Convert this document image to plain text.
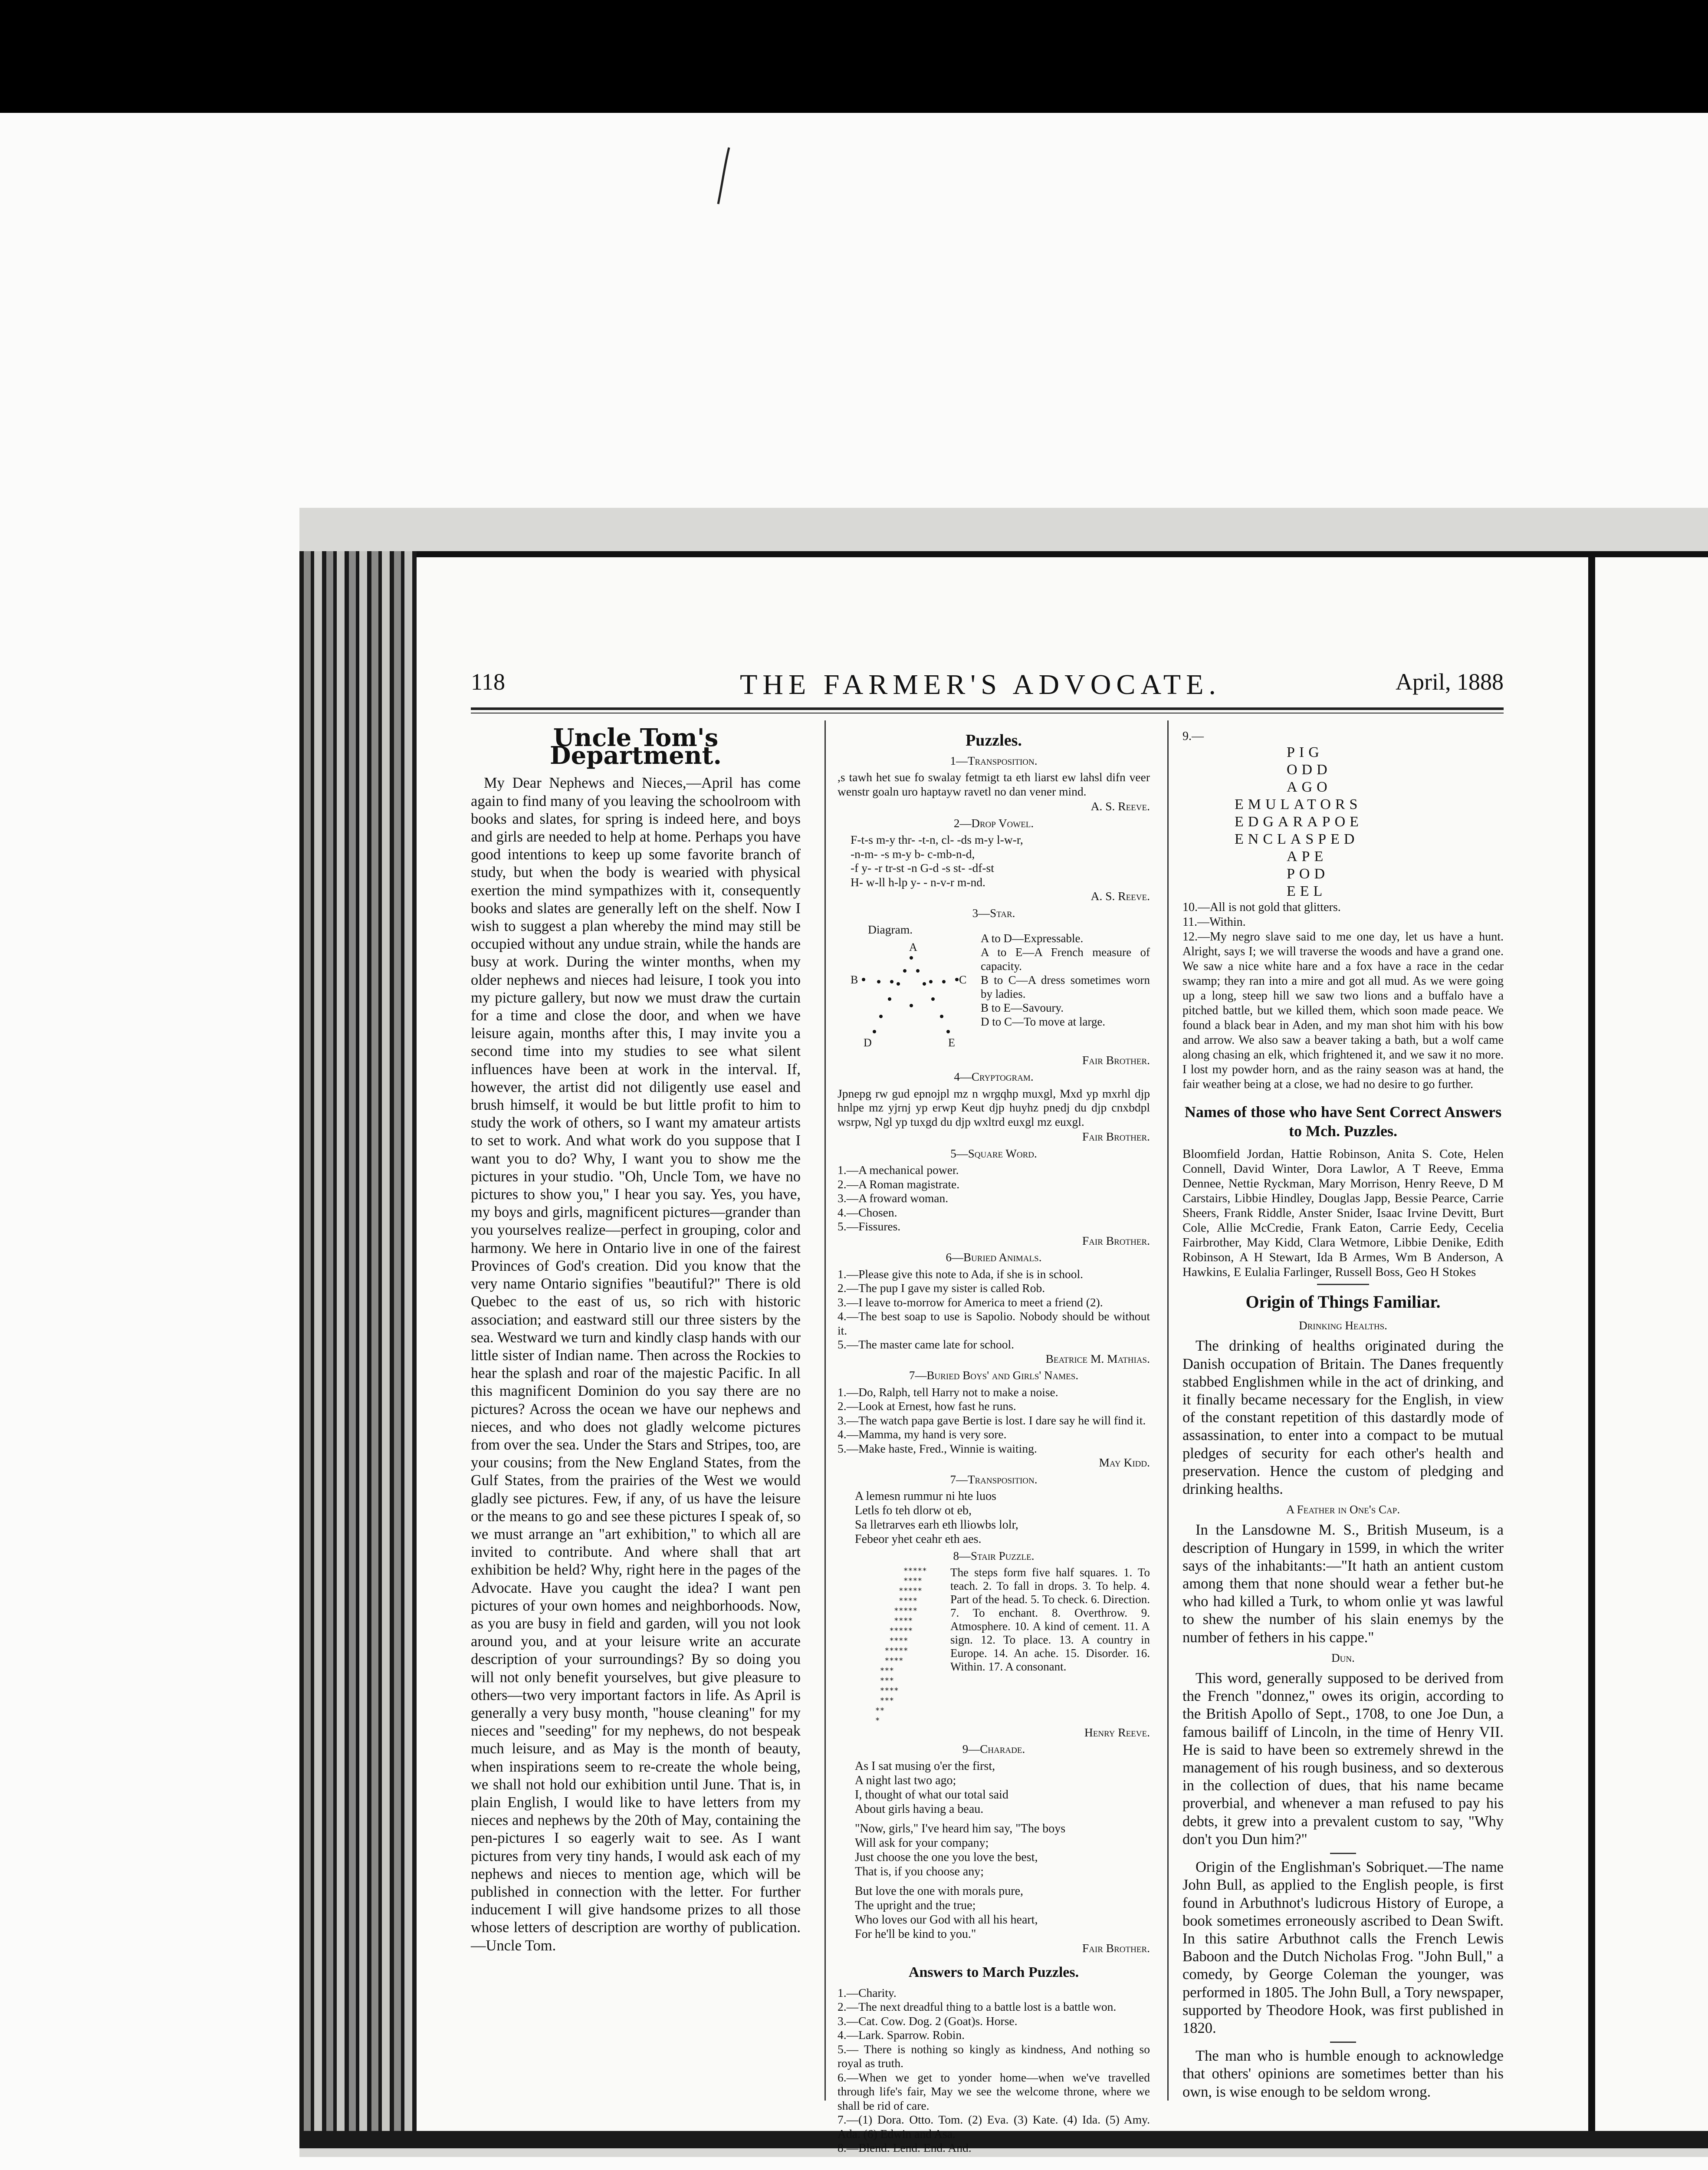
118	THE FARMER'S ADVOCATE.	April, 1888
Uncle Tom's Department.

My Dear Nephews and Nieces,—April has come again to find many of you leaving the schoolroom with books and slates, for spring is indeed here, and boys and girls are needed to help at home. Perhaps you have good intentions to keep up some favorite branch of study, but when the body is wearied with physical exertion the mind sympathizes with it, consequently books and slates are generally left on the shelf. Now I wish to suggest a plan whereby the mind may still be occupied without any undue strain, while the hands are busy at work. During the winter months, when my older nephews and nieces had leisure, I took you into my picture gallery, but now we must draw the curtain for a time and close the door, and when we have leisure again, months after this, I may invite you a second time into my studies to see what silent influences have been at work in the interval. If, however, the artist did not diligently use easel and brush himself, it would be but little profit to him to study the work of others, so I want my amateur artists to set to work. And what work do you suppose that I want you to do? Why, I want you to show me the pictures in your studio. "Oh, Uncle Tom, we have no pictures to show you," I hear you say. Yes, you have, my boys and girls, magnificent pictures—grander than you yourselves realize—perfect in grouping, color and harmony. We here in Ontario live in one of the fairest Provinces of God's creation. Did you know that the very name Ontario signifies "beautiful?" There is old Quebec to the east of us, so rich with historic association; and eastward still our three sisters by the sea. Westward we turn and kindly clasp hands with our little sister of Indian name. Then across the Rockies to hear the splash and roar of the majestic Pacific. In all this magnificent Dominion do you say there are no pictures? Across the ocean we have our nephews and nieces, and who does not gladly welcome pictures from over the sea. Under the Stars and Stripes, too, are your cousins; from the New England States, from the Gulf States, from the prairies of the West we would gladly see pictures. Few, if any, of us have the leisure or the means to go and see these pictures I speak of, so we must arrange an "art exhibition," to which all are invited to contribute. And where shall that art exhibition be held? Why, right here in the pages of the Advocate. Have you caught the idea? I want pen pictures of your own homes and neighborhoods. Now, as you are busy in field and garden, will you not look around you, and at your leisure write an accurate description of your surroundings? By so doing you will not only benefit yourselves, but give pleasure to others—two very important factors in life. As April is generally a very busy month, "house cleaning" for my nieces and "seeding" for my nephews, do not bespeak much leisure, and as May is the month of beauty, when inspirations seem to re-create the whole being, we shall not hold our exhibition until June. That is, in plain English, I would like to have letters from my nieces and nephews by the 20th of May, containing the pen-pictures I so eagerly wait to see. As I want pictures from very tiny hands, I would ask each of my nephews and nieces to mention age, which will be published in connection with the letter. For further inducement I will give handsome prizes to all those whose letters of description are worthy of publication.—Uncle Tom.

Puzzles.
1—Transposition.

,s tawh het sue fo swalay fetmigt ta eth liarst ew lahsl difn veer wenstr goaln uro haptayw ravetl no dan vener mind.

A. S. Reeve.
2—Drop Vowel.
F-t-s m-y thr- -t-n, cl- -ds m-y l-w-r,
-n-m- -s m-y b- c-mb-n-d,
-f y- -r tr-st -n G-d -s st- -df-st
H- w-ll h-lp y- - n-v-r m-nd.
A. S. Reeve.
3—Star.
Diagram.
A
B	C
D	E
A to D—Expressable.
A to E—A French measure of capacity.
B to C—A dress sometimes worn by ladies.
B to E—Savoury.
D to C—To move at large.
Fair Brother.
4—Cryptogram.

Jpnepg rw gud epnojpl mz n wrgqhp muxgl, Mxd yp mxrhl djp hnlpe mz yjrnj yp erwp Keut djp huyhz pnedj du djp cnxbdpl wsrpw, Ngl yp tuxgd du djp wxltrd euxgl mz euxgl.

Fair Brother.
5—Square Word.
1.—A mechanical power.
2.—A Roman magistrate.
3.—A froward woman.
4.—Chosen.
5.—Fissures.
Fair Brother.
6—Buried Animals.
1.—Please give this note to Ada, if she is in school.
2.—The pup I gave my sister is called Rob.
3.—I leave to-morrow for America to meet a friend (2).
4.—The best soap to use is Sapolio. Nobody should be without it.
5.—The master came late for school.
Beatrice M. Mathias.
7—Buried Boys' and Girls' Names.
1.—Do, Ralph, tell Harry not to make a noise.
2.—Look at Ernest, how fast he runs.
3.—The watch papa gave Bertie is lost. I dare say he will find it.
4.—Mamma, my hand is very sore.
5.—Make haste, Fred., Winnie is waiting.
May Kidd.
7—Transposition.
A lemesn rummur ni hte luos
Letls fo teh dlorw ot eb,
Sa lletrarves earh eth lliowbs lolr,
Febeor yhet ceahr eth aes.
8—Stair Puzzle.
*****
****
*****
****
*****
****
*****
****
*****
****
***
***
****
***
**
*
The steps form five half squares. 1. To teach. 2. To fall in drops. 3. To help. 4. Part of the head. 5. To check. 6. Direction. 7. To enchant. 8. Overthrow. 9. Atmosphere. 10. A kind of cement. 11. A sign. 12. To place. 13. A country in Europe. 14. An ache. 15. Disorder. 16. Within. 17. A consonant.
Henry Reeve.
9—Charade.
As I sat musing o'er the first,
A night last two ago;
I, thought of what our total said
About girls having a beau.
"Now, girls," I've heard him say, "The boys
Will ask for your company;
Just choose the one you love the best,
That is, if you choose any;
But love the one with morals pure,
The upright and the true;
Who loves our God with all his heart,
For he'll be kind to you."
Fair Brother.
Answers to March Puzzles.
1.—Charity.
2.—The next dreadful thing to a battle lost is a battle won.
3.—Cat. Cow. Dog. 2 (Goat)s. Horse.
4.—Lark. Sparrow. Robin.
5.— There is nothing so kingly as kindness, And nothing so royal as truth.
6.—When we get to yonder home—when we've travelled through life's fair, May we see the welcome throne, where we shall be rid of care.
7.—(1) Dora. Otto. Tom. (2) Eva. (3) Kate. (4) Ida. (5) Amy. Ada. (6) Edwin and Asa.
8.—Blend. Lend. End. And.
9.—
PIG
ODD
AGO
EMULATORS
EDGARAPOE
ENCLASPED
APE
POD
EEL
10.—All is not gold that glitters.
11.—Within.

12.—My negro slave said to me one day, let us have a hunt. Alright, says I; we will traverse the woods and have a grand one. We saw a nice white hare and a fox have a race in the cedar swamp; they ran into a mire and got all mud. As we were going up a long, steep hill we saw two lions and a buffalo have a pitched battle, but we killed them, which soon made peace. We found a black bear in Aden, and my man shot him with his bow and arrow. We also saw a beaver taking a bath, but a wolf came along chasing an elk, which frightened it, and we saw it no more. I lost my powder horn, and as the rainy season was at hand, the fair weather being at a close, we had no desire to go further.

Names of those who have Sent Correct Answers to Mch. Puzzles.

Bloomfield Jordan, Hattie Robinson, Anita S. Cote, Helen Connell, David Winter, Dora Lawlor, A T Reeve, Emma Dennee, Nettie Ryckman, Mary Morrison, Henry Reeve, D M Carstairs, Libbie Hindley, Douglas Japp, Bessie Pearce, Carrie Sheers, Frank Riddle, Anster Snider, Isaac Irvine Devitt, Burt Cole, Allie McCredie, Frank Eaton, Carrie Eedy, Cecelia Fairbrother, May Kidd, Clara Wetmore, Libbie Denike, Edith Robinson, A H Stewart, Ida B Armes, Wm B Anderson, A Hawkins, E Eulalia Farlinger, Russell Boss, Geo H Stokes

Origin of Things Familiar.
Drinking Healths.

The drinking of healths originated during the Danish occupation of Britain. The Danes frequently stabbed Englishmen while in the act of drinking, and it finally became necessary for the English, in view of the constant repetition of this dastardly mode of assassination, to enter into a compact to be mutual pledges of security for each other's health and preservation. Hence the custom of pledging and drinking healths.

A Feather in One's Cap.

In the Lansdowne M. S., British Museum, is a description of Hungary in 1599, in which the writer says of the inhabitants:—"It hath an antient custom among them that none should wear a fether but-he who had killed a Turk, to whom onlie yt was lawful to shew the number of his slain enemys by the number of fethers in his cappe."

Dun.

This word, generally supposed to be derived from the French "donnez," owes its origin, according to the British Apollo of Sept., 1708, to one Joe Dun, a famous bailiff of Lincoln, in the time of Henry VII. He is said to have been so extremely shrewd in the management of his rough business, and so dexterous in the collection of dues, that his name became proverbial, and whenever a man refused to pay his debts, it grew into a prevalent custom to say, "Why don't you Dun him?"

Origin of the Englishman's Sobriquet.—The name John Bull, as applied to the English people, is first found in Arbuthnot's ludicrous History of Europe, a book sometimes erroneously ascribed to Dean Swift. In this satire Arbuthnot calls the French Lewis Baboon and the Dutch Nicholas Frog. "John Bull," a comedy, by George Coleman the younger, was performed in 1805. The John Bull, a Tory newspaper, supported by Theodore Hook, was first published in 1820.

The man who is humble enough to acknowledge that others' opinions are sometimes better than his own, is wise enough to be seldom wrong.
